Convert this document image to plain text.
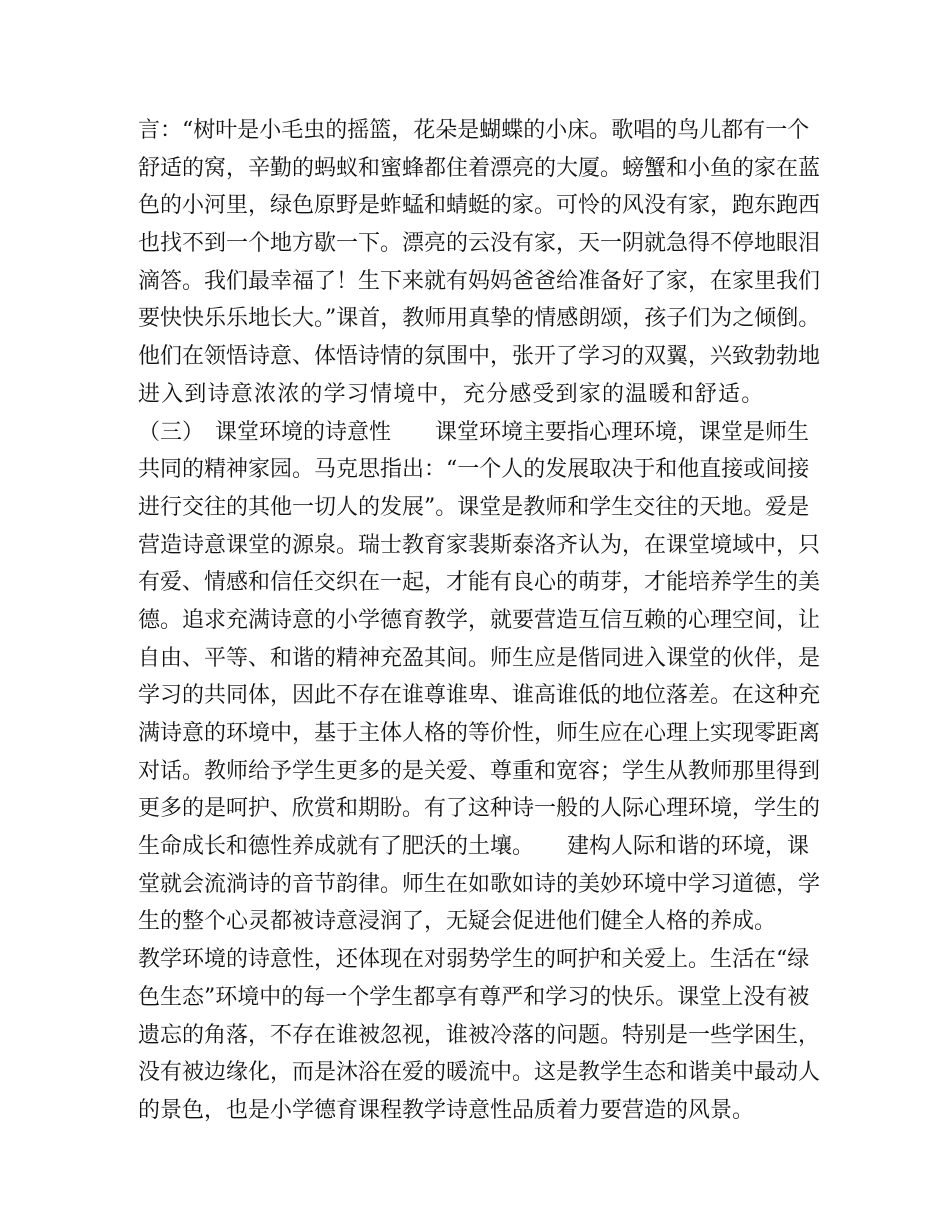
言：“树叶是小毛虫的摇篮，花朵是蝴蝶的小床。歌唱的鸟儿都有一个
舒适的窝，辛勤的蚂蚁和蜜蜂都住着漂亮的大厦。螃蟹和小鱼的家在蓝
色的小河里，绿色原野是蚱蜢和蜻蜓的家。可怜的风没有家，跑东跑西
也找不到一个地方歇一下。漂亮的云没有家，天一阴就急得不停地眼泪
滴答。我们最幸福了！生下来就有妈妈爸爸给准备好了家，在家里我们
要快快乐乐地长大。”课首，教师用真挚的情感朗颂，孩子们为之倾倒。
他们在领悟诗意、体悟诗情的氛围中，张开了学习的双翼，兴致勃勃地
进入到诗意浓浓的学习情境中，充分感受到家的温暖和舒适。
（三）　课堂环境的诗意性　　课堂环境主要指心理环境，课堂是师生
共同的精神家园。马克思指出：“一个人的发展取决于和他直接或间接
进行交往的其他一切人的发展”。课堂是教师和学生交往的天地。爱是
营造诗意课堂的源泉。瑞士教育家裴斯泰洛齐认为，在课堂境域中，只
有爱、情感和信任交织在一起，才能有良心的萌芽，才能培养学生的美
德。追求充满诗意的小学德育教学，就要营造互信互赖的心理空间，让
自由、平等、和谐的精神充盈其间。师生应是偕同进入课堂的伙伴，是
学习的共同体，因此不存在谁尊谁卑、谁高谁低的地位落差。在这种充
满诗意的环境中，基于主体人格的等价性，师生应在心理上实现零距离
对话。教师给予学生更多的是关爱、尊重和宽容；学生从教师那里得到
更多的是呵护、欣赏和期盼。有了这种诗一般的人际心理环境，学生的
生命成长和德性养成就有了肥沃的土壤。　　建构人际和谐的环境，课
堂就会流淌诗的音节韵律。师生在如歌如诗的美妙环境中学习道德，学
生的整个心灵都被诗意浸润了，无疑会促进他们健全人格的养成。
教学环境的诗意性，还体现在对弱势学生的呵护和关爱上。生活在“绿
色生态”环境中的每一个学生都享有尊严和学习的快乐。课堂上没有被
遗忘的角落，不存在谁被忽视，谁被冷落的问题。特别是一些学困生，
没有被边缘化，而是沐浴在爱的暖流中。这是教学生态和谐美中最动人
的景色，也是小学德育课程教学诗意性品质着力要营造的风景。
